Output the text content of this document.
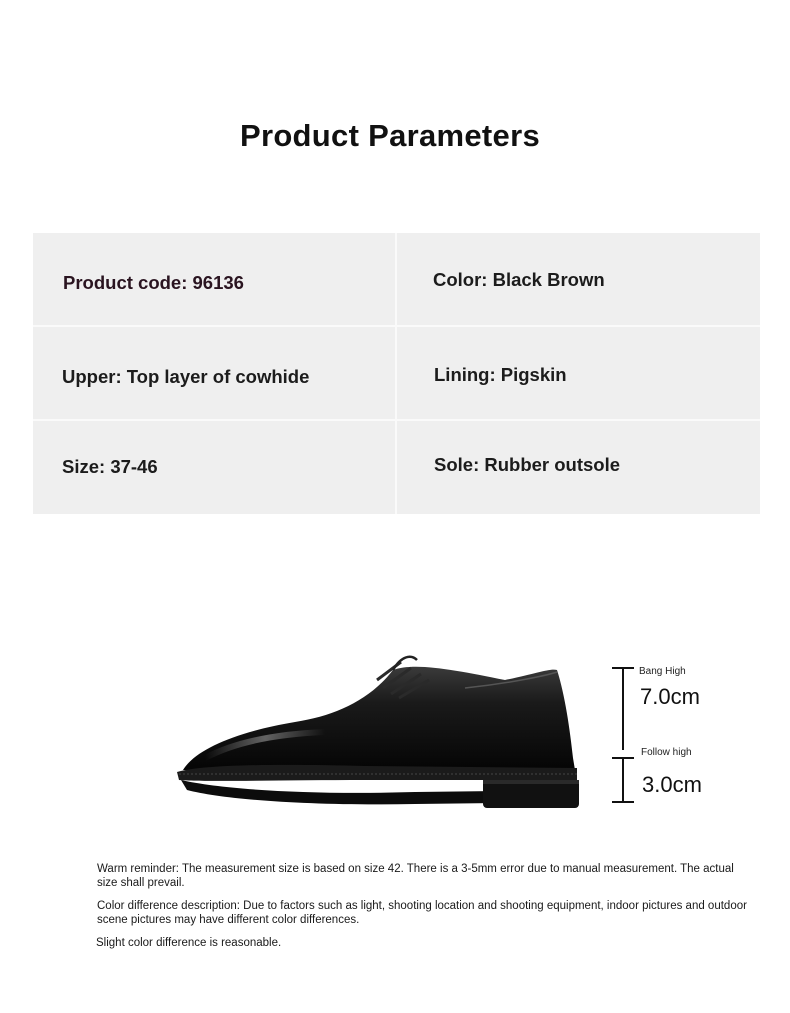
Product Parameters
Product code: 96136	Color: Black Brown
Upper: Top layer of cowhide	Lining: Pigskin
Size: 37-46	Sole: Rubber outsole
Bang High
7.0cm
Follow high
3.0cm
Warm reminder: The measurement size is based on size 42. There is a 3-5mm error due to manual measurement. The actual size shall prevail.
Color difference description: Due to factors such as light, shooting location and shooting equipment, indoor pictures and outdoor scene pictures may have different color differences.
Slight color difference is reasonable.
